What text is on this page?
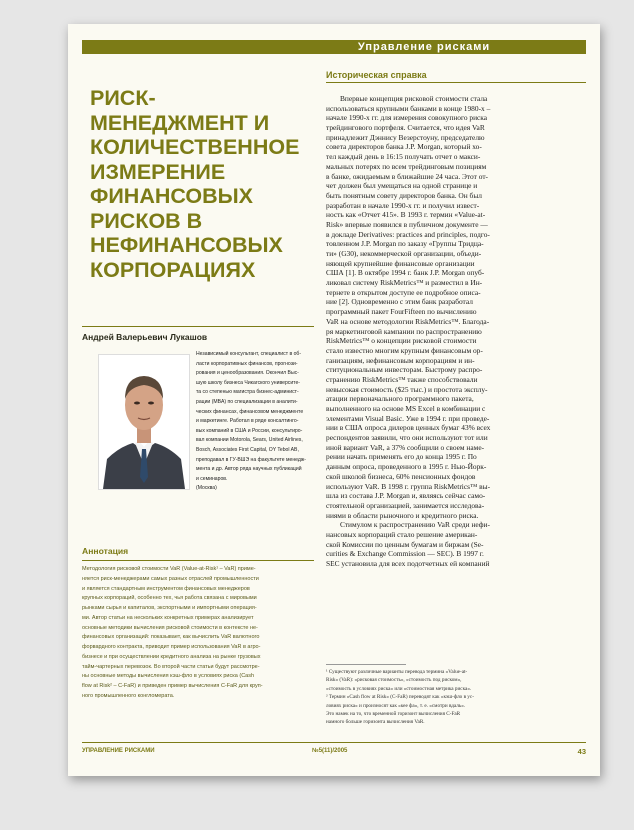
Управление рисками
РИСК-
МЕНЕДЖМЕНТ И
КОЛИЧЕСТВЕННОЕ
ИЗМЕРЕНИЕ
ФИНАНСОВЫХ
РИСКОВ В
НЕФИНАНСОВЫХ
КОРПОРАЦИЯХ
Андрей Валерьевич Лукашов
Независимый консультант, специалист в об-
ласти корпоративных финансов, прогнози-
рования и ценообразования. Окончил Выс-
шую школу бизнеса Чикагского университе-
та со степенью магистра бизнес-админист-
рации (MBA) по специализации в аналити-
ческих финансах, финансовом менеджменте
и маркетинге. Работал в ряде консалтинго-
вых компаний в США и России, консультиро-
вал компании Motorola, Sears, United Airlines,
Bosch, Associates First Capital, OY Tebol AB,
преподавал в ГУ-ВШЭ на факультете менедж-
мента и др. Автор ряда научных публикаций
и семинаров.
(Москва)
Аннотация
Методология рисковой стоимости VaR (Value-at-Risk¹ – VaR) приме-
няется риск-менеджерами самых разных отраслей промышленности
и является стандартным инструментом финансовых менеджеров
крупных корпораций, особенно тех, чья работа связана с мировыми
рынками сырья и капиталов, экспортными и импортными операция-
ми. Автор статьи на нескольких конкретных примерах анализирует
основные методики вычисления рисковой стоимости в контексте не-
финансовых организаций: показывает, как вычислить VaR валютного
форвардного контракта, приводит пример использования VaR в агро-
бизнесе и при осуществлении кредитного анализа на рынке грузовых
тайм-чартерных перевозок. Во второй части статьи будут рассмотре-
ны основные методы вычисления кэш-фло в условиях риска (Cash
flow at Risk² – C-FaR) и приведен пример вычисления C-FaR для круп-
ного промышленного конгломерата.
Историческая справка
Впервые концепция рисковой стоимости стала
использоваться крупными банками в конце 1980-х –
начале 1990-х гг. для измерения совокупного риска
трейдингового портфеля. Считается, что идея VaR
принадлежит Дэннису Везерстоуну, председателю
совета директоров банка J.P. Morgan, который хо-
тел каждый день в 16:15 получать отчет о макси-
мальных потерях по всем трейдинговым позициям
в банке, ожидаемым в ближайшие 24 часа. Этот от-
чет должен был умещаться на одной странице и
быть понятным совету директоров банка. Он был
разработан в начале 1990-х гг. и получил извест-
ность как «Отчет 415». В 1993 г. термин «Value-at-
Risk» впервые появился в публичном документе —
в докладе Derivatives: practices and principles, подго-
товленном J.P. Morgan по заказу «Группы Тридца-
ти» (G30), некоммерческой организации, объеди-
няющей крупнейшие финансовые организации
США [1]. В октябре 1994 г. банк J.P. Morgan опуб-
ликовал систему RiskMetrics™ и разместил в Ин-
тернете в открытом доступе ее подробное описа-
ние [2]. Одновременно с этим банк разработал
программный пакет FourFifteen по вычислению
VaR на основе методологии RiskMetrics™. Благода-
ря маркетинговой кампании по распространению
RiskMetrics™ о концепции рисковой стоимости
стало известно многим крупным финансовым ор-
ганизациям, нефинансовым корпорациям и ин-
ституциональным инвесторам. Быстрому распро-
странению RiskMetrics™ также способствовали
невысокая стоимость ($25 тыс.) и простота эксплу-
атации первоначального программного пакета,
выполненного на основе MS Excel в комбинации с
элементами Visual Basic. Уже в 1994 г. при проведе-
нии в США опроса дилеров ценных бумаг 43% всех
респондентов заявили, что они используют тот или
иной вариант VaR, а 37% сообщили о своем наме-
рении начать применять его до конца 1995 г. По
данным опроса, проведенного в 1995 г. Нью-Йорк-
ской школой бизнеса, 60% пенсионных фондов
используют VaR. В 1998 г. группа RiskMetrics™ вы-
шла из состава J.P. Morgan и, являясь сейчас само-
стоятельной организацией, занимается исследова-
ниями в области рыночного и кредитного риска.
Стимулом к распространению VaR среди нефи-
нансовых корпораций стало решение американ-
ской Комиссии по ценным бумагам и биржам (Se-
curities & Exchange Commission — SEC). В 1997 г.
SEC установила для всех подотчетных ей компаний
¹ Существуют различные варианты перевода термина «Value-at-
Risk» (VaR): «рисковая стоимость», «стоимость под риском»,
«стоимость в условиях риска» или «стоимостная метрика риска».
² Термин «Cash flow at Risk» (C-FaR) переводят как «кэш-фло в ус-
ловиях риска» и произносят как «кее фа», т. е. «смотри вдаль».
Это намек на то, что временной горизонт вычисления C-FaR
намного больше горизонта вычисления VaR.
УПРАВЛЕНИЕ РИСКАМИ	№5(11)/2005	43
